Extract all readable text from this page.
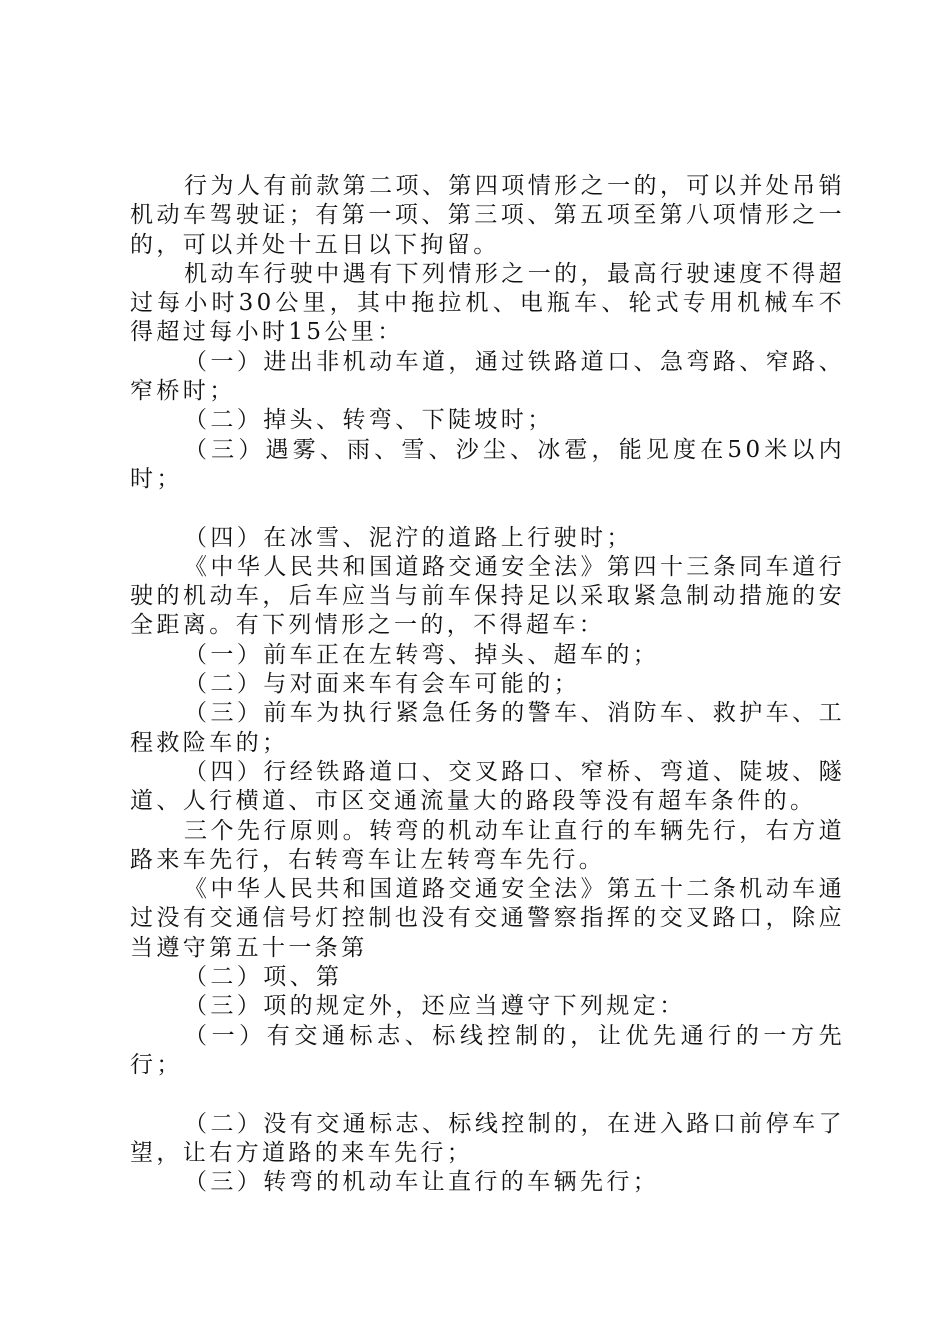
行为人有前款第二项、第四项情形之一的，可以并处吊销机动车驾驶证；有第一项、第三项、第五项至第八项情形之一的，可以并处十五日以下拘留。

机动车行驶中遇有下列情形之一的，最高行驶速度不得超过每小时30公里，其中拖拉机、电瓶车、轮式专用机械车不得超过每小时15公里：

（一）进出非机动车道，通过铁路道口、急弯路、窄路、窄桥时；

（二）掉头、转弯、下陡坡时；

（三）遇雾、雨、雪、沙尘、冰雹，能见度在50米以内时；

（四）在冰雪、泥泞的道路上行驶时；

《中华人民共和国道路交通安全法》第四十三条同车道行驶的机动车，后车应当与前车保持足以采取紧急制动措施的安全距离。有下列情形之一的，不得超车：

（一）前车正在左转弯、掉头、超车的；

（二）与对面来车有会车可能的；

（三）前车为执行紧急任务的警车、消防车、救护车、工程救险车的；

（四）行经铁路道口、交叉路口、窄桥、弯道、陡坡、隧道、人行横道、市区交通流量大的路段等没有超车条件的。

三个先行原则。转弯的机动车让直行的车辆先行，右方道路来车先行，右转弯车让左转弯车先行。

《中华人民共和国道路交通安全法》第五十二条机动车通过没有交通信号灯控制也没有交通警察指挥的交叉路口，除应当遵守第五十一条第

（二）项、第

（三）项的规定外，还应当遵守下列规定：

（一）有交通标志、标线控制的，让优先通行的一方先行；

（二）没有交通标志、标线控制的，在进入路口前停车了望，让右方道路的来车先行；

（三）转弯的机动车让直行的车辆先行；
